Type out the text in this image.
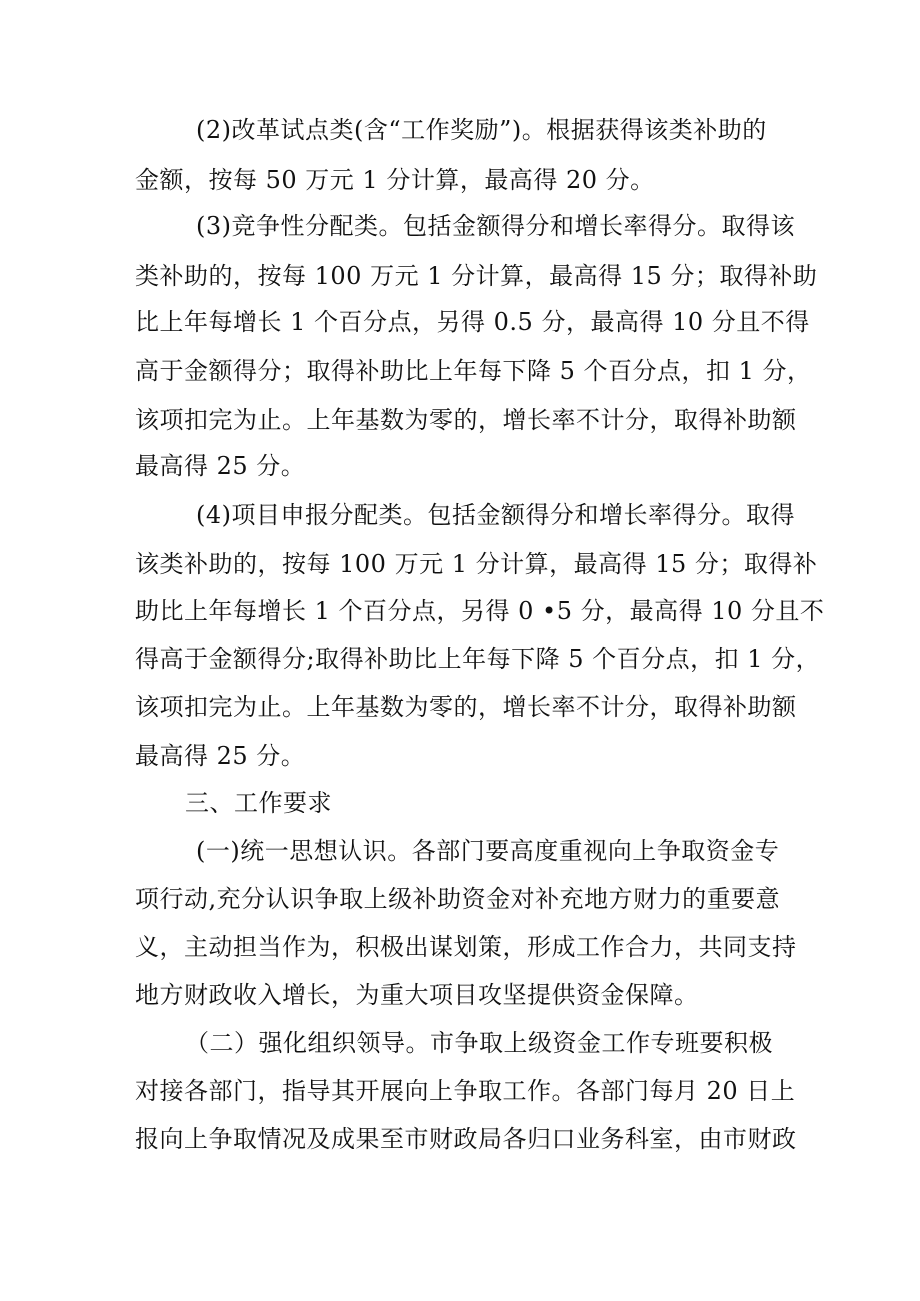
(2)改革试点类(含“工作奖励”)。根据获得该类补助的
金额，按每 50 万元 1 分计算，最高得 20 分。
(3)竞争性分配类。包括金额得分和增长率得分。取得该
类补助的，按每 100 万元 1 分计算，最高得 15 分；取得补助
比上年每增长 1 个百分点，另得 0.5 分，最高得 10 分且不得
高于金额得分；取得补助比上年每下降 5 个百分点，扣 1 分，
该项扣完为止。上年基数为零的，增长率不计分，取得补助额
最高得 25 分。
(4)项目申报分配类。包括金额得分和增长率得分。取得
该类补助的，按每 100 万元 1 分计算，最高得 15 分；取得补
助比上年每增长 1 个百分点，另得 0 •5 分，最高得 10 分且不
得高于金额得分;取得补助比上年每下降 5 个百分点，扣 1 分，
该项扣完为止。上年基数为零的，增长率不计分，取得补助额
最高得 25 分。
三、工作要求
(一)统一思想认识。各部门要高度重视向上争取资金专
项行动,充分认识争取上级补助资金对补充地方财力的重要意
义，主动担当作为，积极出谋划策，形成工作合力，共同支持
地方财政收入增长，为重大项目攻坚提供资金保障。
（二）强化组织领导。市争取上级资金工作专班要积极
对接各部门，指导其开展向上争取工作。各部门每月 20 日上
报向上争取情况及成果至市财政局各归口业务科室，由市财政
